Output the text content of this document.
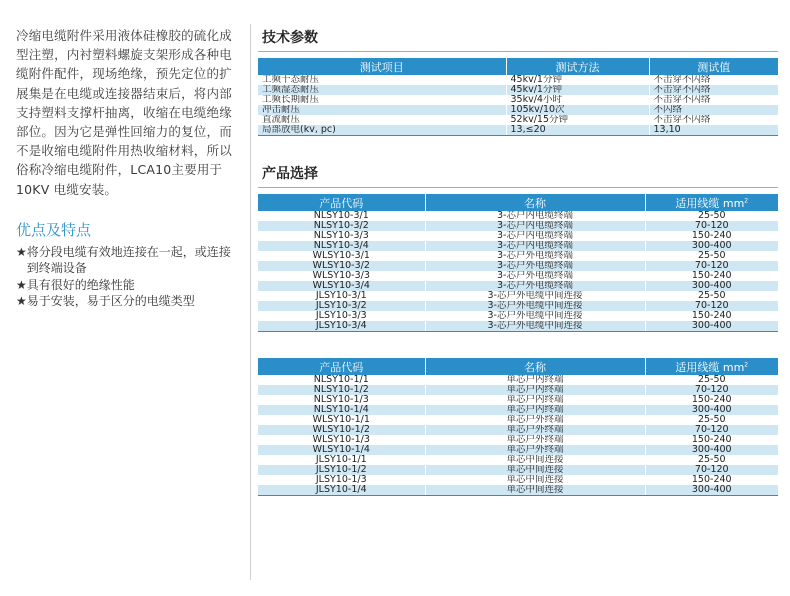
冷缩电缆附件采用液体硅橡胶的硫化成型注塑，内衬塑料螺旋支架形成各种电缆附件配件，现场绝缘，预先定位的扩展集是在电缆或连接器结束后，将内部支持塑料支撑杆抽离，收缩在电缆绝缘部位。因为它是弹性回缩力的复位，而不是收缩电缆附件用热收缩材料，所以俗称冷缩电缆附件，LCA10主要用于10KV 电缆安装。
优点及特点
★ 将分段电缆有效地连接在一起，或连接到终端设备
★ 具有很好的绝缘性能
★ 易于安装，易于区分的电缆类型
技术参数
测试项目	测试方法	测试值
工频干态耐压	45kv/1分钟	不击穿不闪络
工频湿态耐压	45kv/1分钟	不击穿不闪络
工频长期耐压	35kv/4小时	不击穿不闪络
冲击耐压	105kv/10次	不闪络
直流耐压	52kv/15分钟	不击穿不闪络
局部放电(kv, pc)	13,≤20	13,10
产品选择
产品代码	名称	适用线缆 $mm^2$
NLSY10-3/1	3-芯户内电缆终端	25-50
NLSY10-3/2	3-芯户内电缆终端	70-120
NLSY10-3/3	3-芯户内电缆终端	150-240
NLSY10-3/4	3-芯户内电缆终端	300-400
WLSY10-3/1	3-芯户外电缆终端	25-50
WLSY10-3/2	3-芯户外电缆终端	70-120
WLSY10-3/3	3-芯户外电缆终端	150-240
WLSY10-3/4	3-芯户外电缆终端	300-400
JLSY10-3/1	3-芯户外电缆中间连接	25-50
JLSY10-3/2	3-芯户外电缆中间连接	70-120
JLSY10-3/3	3-芯户外电缆中间连接	150-240
JLSY10-3/4	3-芯户外电缆中间连接	300-400
产品代码	名称	适用线缆 $mm^2$
NLSY10-1/1	单芯户内终端	25-50
NLSY10-1/2	单芯户内终端	70-120
NLSY10-1/3	单芯户内终端	150-240
NLSY10-1/4	单芯户内终端	300-400
WLSY10-1/1	单芯户外终端	25-50
WLSY10-1/2	单芯户外终端	70-120
WLSY10-1/3	单芯户外终端	150-240
WLSY10-1/4	单芯户外终端	300-400
JLSY10-1/1	单芯中间连接	25-50
JLSY10-1/2	单芯中间连接	70-120
JLSY10-1/3	单芯中间连接	150-240
JLSY10-1/4	单芯中间连接	300-400
